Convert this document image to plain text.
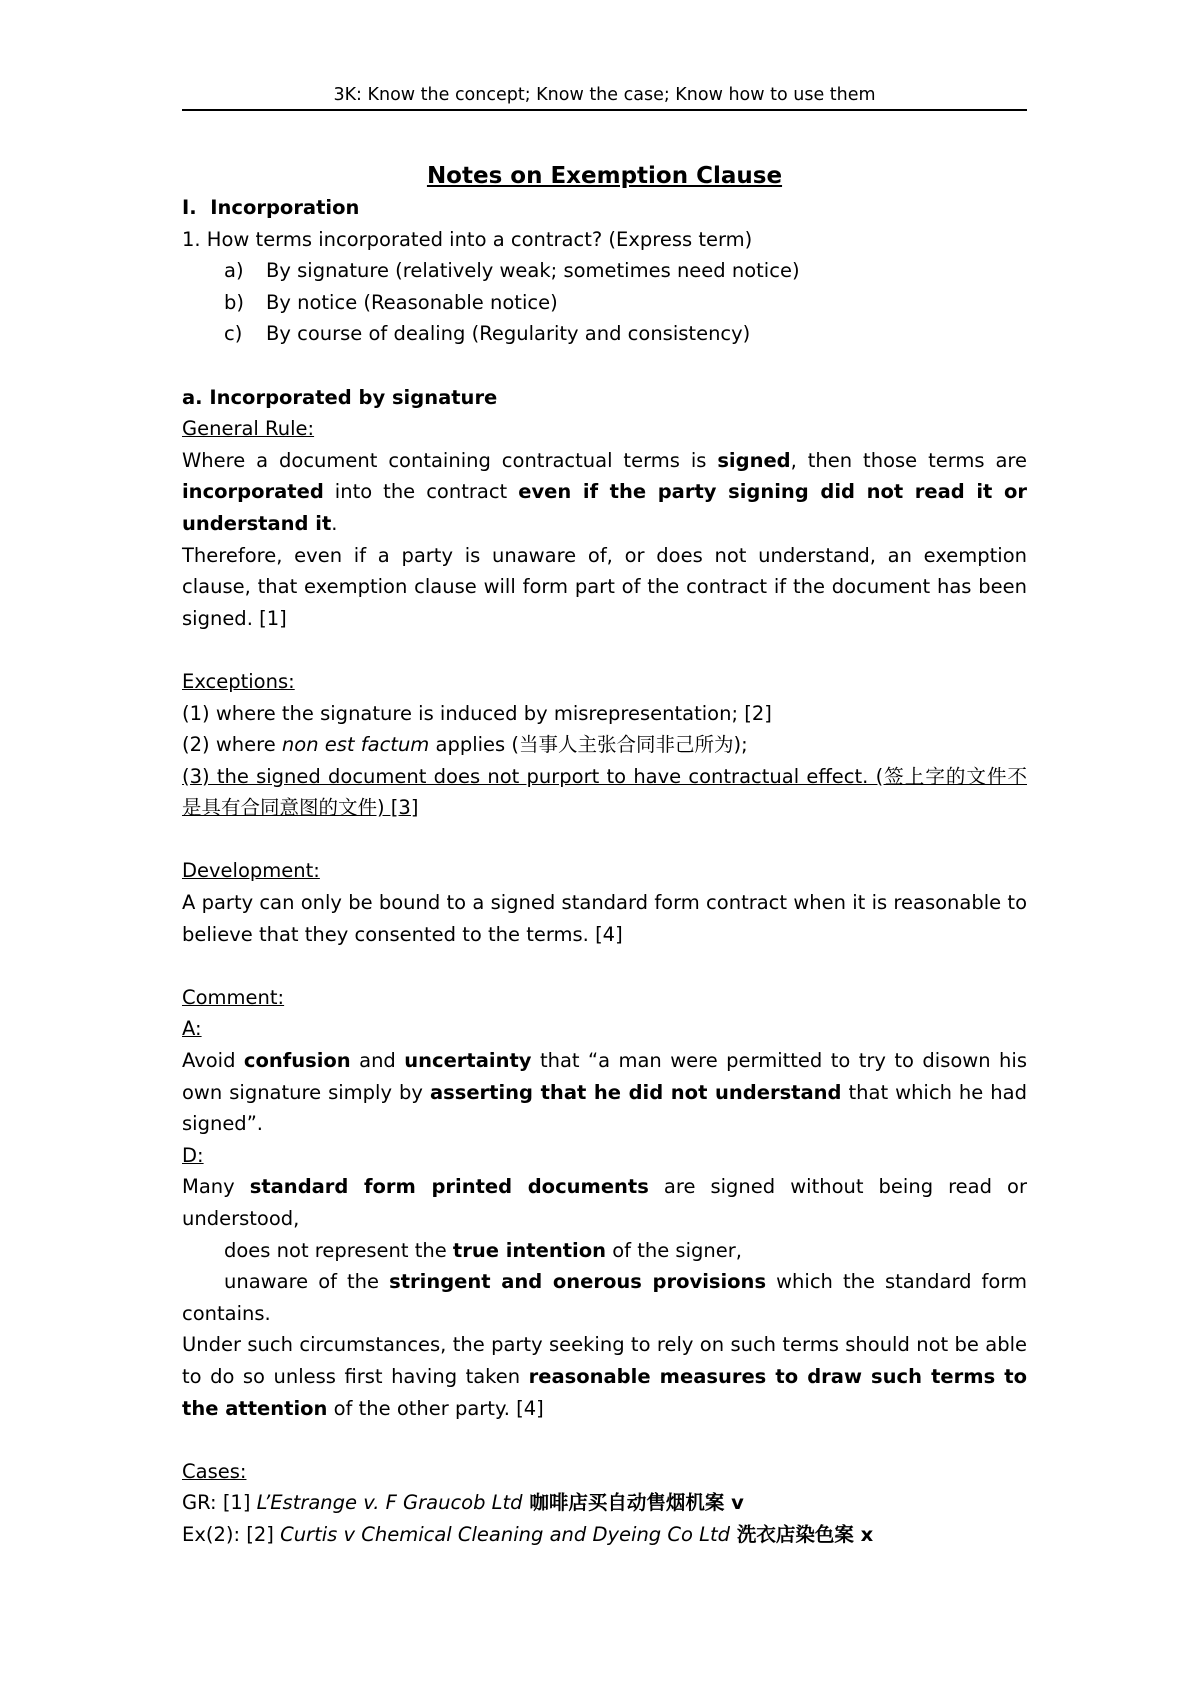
3K: Know the concept; Know the case; Know how to use them

Notes on Exemption Clause

I. Incorporation

1. How terms incorporated into a contract? (Express term)

a) By signature (relatively weak; sometimes need notice)

b) By notice (Reasonable notice)

c) By course of dealing (Regularity and consistency)

a. Incorporated by signature

General Rule:

Where a document containing contractual terms is signed, then those terms are incorporated into the contract even if the party signing did not read it or understand it.

Therefore, even if a party is unaware of, or does not understand, an exemption clause, that exemption clause will form part of the contract if the document has been signed. [1]

Exceptions:

(1) where the signature is induced by misrepresentation; [2]

(2) where non est factum applies (当事人主张合同非己所为);

(3) the signed document does not purport to have contractual effect. (签上字的文件不是具有合同意图的文件) [3]

Development:

A party can only be bound to a signed standard form contract when it is reasonable to believe that they consented to the terms. [4]

Comment:

A:

Avoid confusion and uncertainty that “a man were permitted to try to disown his own signature simply by asserting that he did not understand that which he had signed”.

D:

Many standard form printed documents are signed without being read or understood,

does not represent the true intention of the signer,

unaware of the stringent and onerous provisions which the standard form contains.

Under such circumstances, the party seeking to rely on such terms should not be able to do so unless first having taken reasonable measures to draw such terms to the attention of the other party. [4]

Cases:

GR: [1] L’Estrange v. F Graucob Ltd 咖啡店买自动售烟机案 v

Ex(2): [2] Curtis v Chemical Cleaning and Dyeing Co Ltd 洗衣店染色案 x
